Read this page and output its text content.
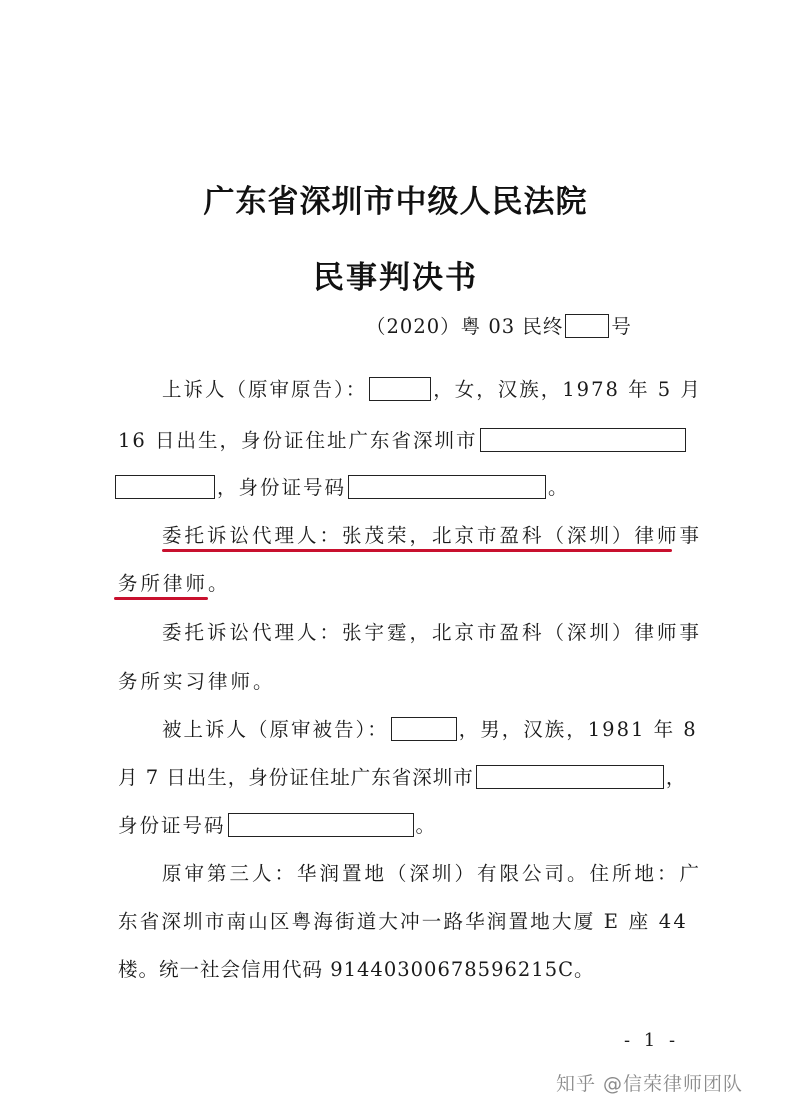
广东省深圳市中级人民法院
民事判决书
（2020）粤 03 民终 号
上诉人（原审原告）：	，女，汉族，1978 年 5 月
16 日出生，身份证住址广东省深圳市
，身份证号码	。
委托诉讼代理人：张茂荣，北京市盈科（深圳）律师事
务所律师。
委托诉讼代理人：张宇霆，北京市盈科（深圳）律师事
务所实习律师。
被上诉人（原审被告）：	，男，汉族，1981 年 8
月 7 日出生，身份证住址广东省深圳市	，
身份证号码	。
原审第三人：华润置地（深圳）有限公司。住所地：广
东省深圳市南山区粤海街道大冲一路华润置地大厦 E 座 44
楼。统一社会信用代码 91440300678596215C。
- 1 -
知乎 @信荣律师团队
